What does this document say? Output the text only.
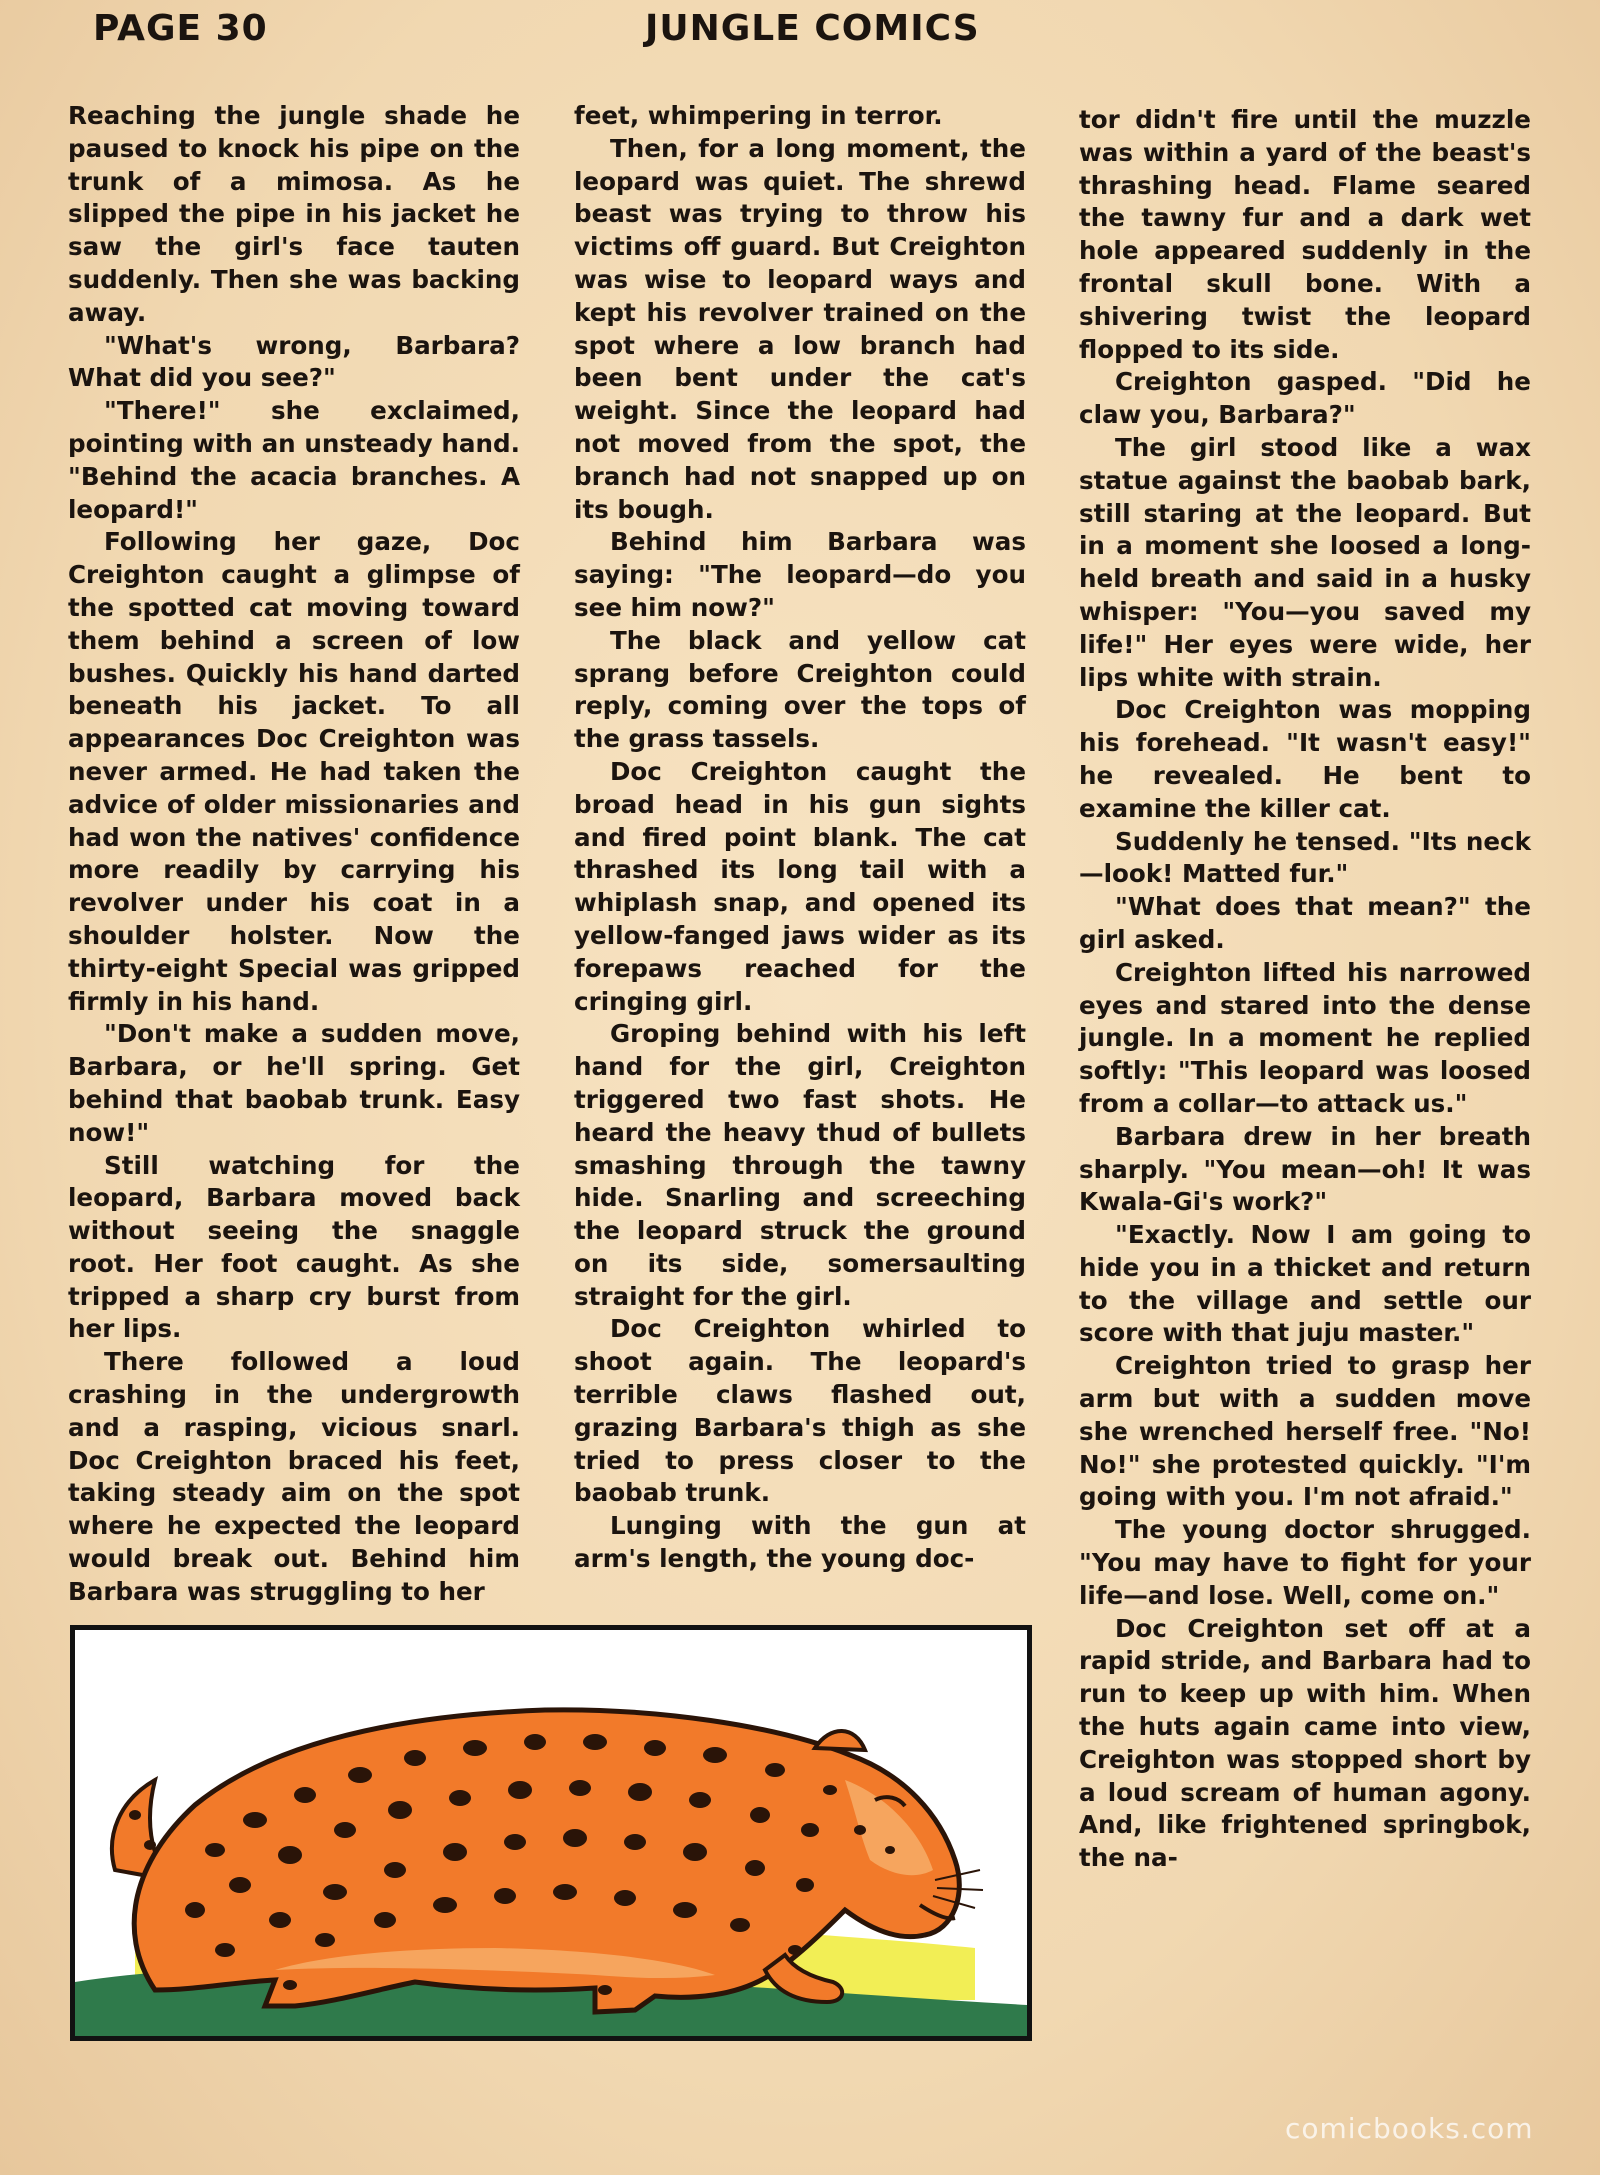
PAGE 30	JUNGLE COMICS

Reaching the jungle shade he paused to knock his pipe on the trunk of a mimosa. As he slipped the pipe in his jacket he saw the girl's face tauten suddenly. Then she was backing away.

"What's wrong, Barbara? What did you see?"

"There!" she exclaimed, pointing with an unsteady hand. "Behind the acacia branches. A leopard!"

Following her gaze, Doc Creighton caught a glimpse of the spotted cat moving toward them behind a screen of low bushes. Quickly his hand darted beneath his jacket. To all appearances Doc Creighton was never armed. He had taken the advice of older missionaries and had won the natives' confidence more readily by carrying his revolver under his coat in a shoulder holster. Now the thirty-eight Special was gripped firmly in his hand.

"Don't make a sudden move, Barbara, or he'll spring. Get behind that baobab trunk. Easy now!"

Still watching for the leopard, Barbara moved back without seeing the snaggle root. Her foot caught. As she tripped a sharp cry burst from her lips.

There followed a loud crashing in the undergrowth and a rasping, vicious snarl. Doc Creighton braced his feet, taking steady aim on the spot where he expected the leopard would break out. Behind him Barbara was struggling to her

feet, whimpering in terror.

Then, for a long moment, the leopard was quiet. The shrewd beast was trying to throw his victims off guard. But Creighton was wise to leopard ways and kept his revolver trained on the spot where a low branch had been bent under the cat's weight. Since the leopard had not moved from the spot, the branch had not snapped up on its bough.

Behind him Barbara was saying: "The leopard—do you see him now?"

The black and yellow cat sprang before Creighton could reply, coming over the tops of the grass tassels.

Doc Creighton caught the broad head in his gun sights and fired point blank. The cat thrashed its long tail with a whiplash snap, and opened its yellow-fanged jaws wider as its forepaws reached for the cringing girl.

Groping behind with his left hand for the girl, Creighton triggered two fast shots. He heard the heavy thud of bullets smashing through the tawny hide. Snarling and screeching the leopard struck the ground on its side, somersaulting straight for the girl.

Doc Creighton whirled to shoot again. The leopard's terrible claws flashed out, grazing Barbara's thigh as she tried to press closer to the baobab trunk.

Lunging with the gun at arm's length, the young doc-

tor didn't fire until the muzzle was within a yard of the beast's thrashing head. Flame seared the tawny fur and a dark wet hole appeared suddenly in the frontal skull bone. With a shivering twist the leopard flopped to its side.

Creighton gasped. "Did he claw you, Barbara?"

The girl stood like a wax statue against the baobab bark, still staring at the leopard. But in a moment she loosed a long-held breath and said in a husky whisper: "You—you saved my life!" Her eyes were wide, her lips white with strain.

Doc Creighton was mopping his forehead. "It wasn't easy!" he revealed. He bent to examine the killer cat.

Suddenly he tensed. "Its neck—look! Matted fur."

"What does that mean?" the girl asked.

Creighton lifted his narrowed eyes and stared into the dense jungle. In a moment he replied softly: "This leopard was loosed from a collar—to attack us."

Barbara drew in her breath sharply. "You mean—oh! It was Kwala-Gi's work?"

"Exactly. Now I am going to hide you in a thicket and return to the village and settle our score with that juju master."

Creighton tried to grasp her arm but with a sudden move she wrenched herself free. "No! No!" she protested quickly. "I'm going with you. I'm not afraid."

The young doctor shrugged. "You may have to fight for your life—and lose. Well, come on."

Doc Creighton set off at a rapid stride, and Barbara had to run to keep up with him. When the huts again came into view, Creighton was stopped short by a loud scream of human agony. And, like frightened springbok, the na-

comicbooks.com
